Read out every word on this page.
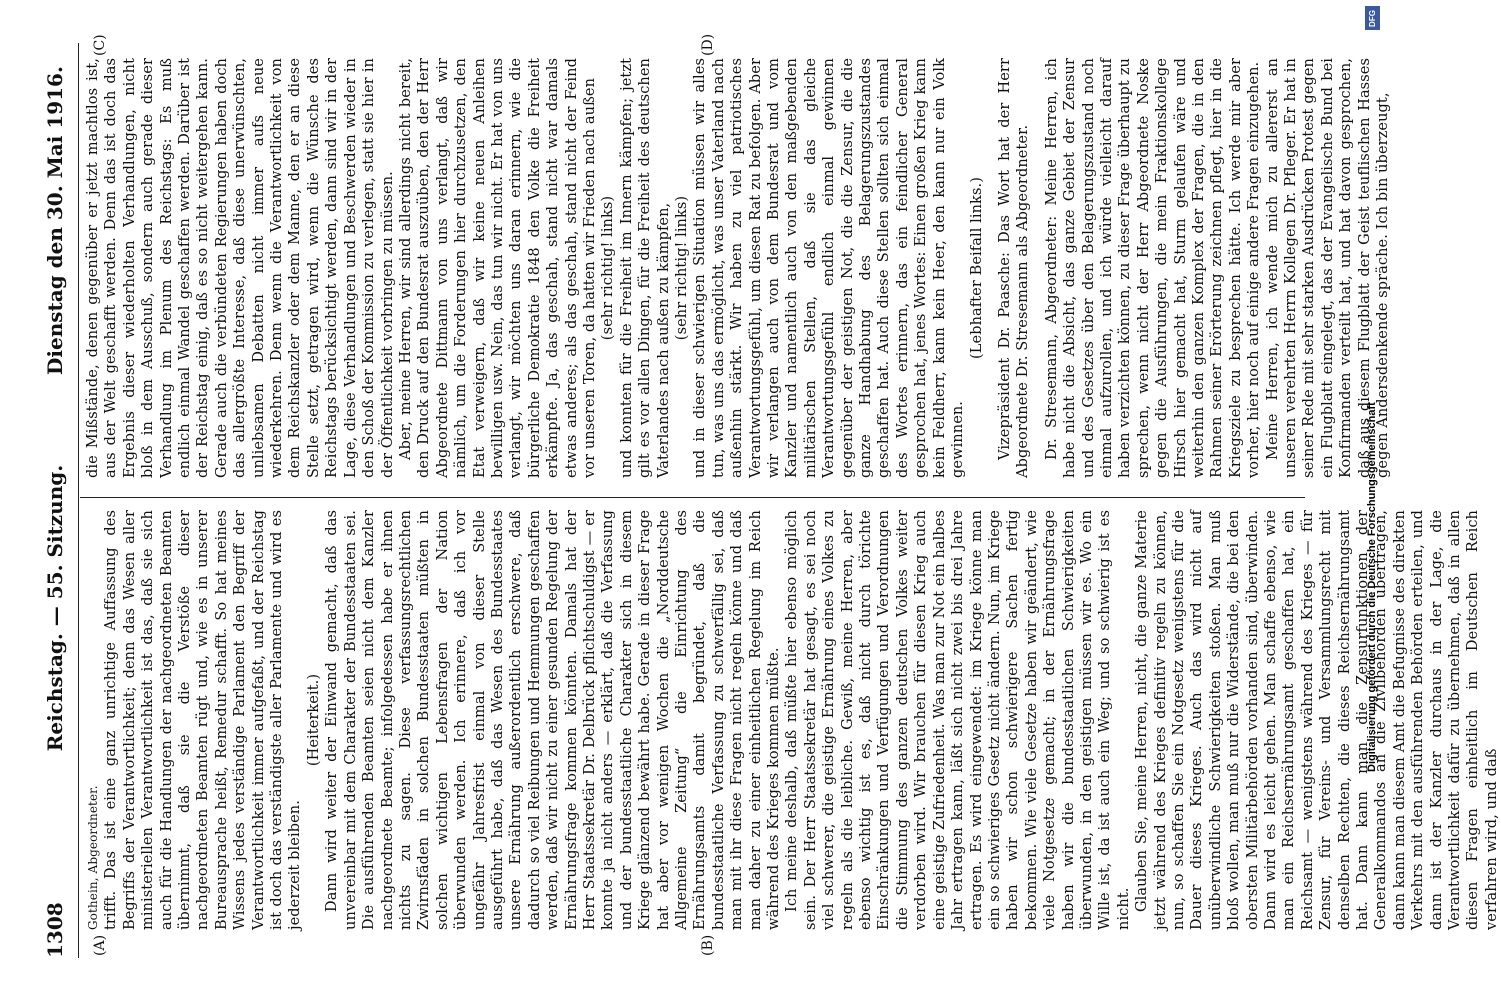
1308
Reichstag. — 55. Sitzung.
Dienstag den 30. Mai 1916.
(A)	(B)
(C)	(D)

Gothein, Abgeordneter. trifft. Das ist eine ganz unrichtige Auffassung des Begriffs der Verantwortlichkeit; denn das Wesen aller ministeriellen Verantwortlichkeit ist das, daß sie sich auch für die Handlungen der nachgeordneten Beamten übernimmt, daß sie die Verstöße dieser nachgeordneten Beamten rügt und, wie es in unserer Bureausprache heißt, Remedur schafft. So hat meines Wissens jedes verständige Parlament den Begriff der Verantwortlichkeit immer aufgefaßt, und der Reichstag ist doch das verständigste aller Parlamente und wird es jederzeit bleiben.

(Heiterkeit.) Dann wird weiter der Einwand gemacht, daß das unvereinbar mit dem Charakter der Bundesstaaten sei. Die ausführenden Beamten seien nicht dem Kanzler nachgeordnete Beamte; infolgedessen habe er ihnen nichts zu sagen. Diese verfassungsrechtlichen Zwirnsfäden in solchen Bundesstaaten müßten in solchen wichtigen Lebensfragen der Nation überwunden werden. Ich erinnere, daß ich vor ungefähr Jahresfrist einmal von dieser Stelle ausgeführt habe, daß das Wesen des Bundesstaates unsere Ernährung außerordentlich erschwere, daß dadurch so viel Reibungen und Hemmungen geschaffen werden, daß wir nicht zu einer gesunden Regelung der Ernährungsfrage kommen könnten. Damals hat der Herr Staatssekretär Dr. Delbrück pflichtschuldigst — er konnte ja nicht anders — erklärt, daß die Verfassung und der bundesstaatliche Charakter sich in diesem Kriege glänzend bewährt habe. Gerade in dieser Frage hat aber vor wenigen Wochen die „Norddeutsche Allgemeine Zeitung“ die Einrichtung des Ernährungsamts damit begründet, daß die bundesstaatliche Verfassung zu schwerfällig sei, daß man mit ihr diese Fragen nicht regeln könne und daß man daher zu einer einheitlichen Regelung im Reich während des Krieges kommen müßte. Ich meine deshalb, daß müßte hier ebenso möglich sein. Der Herr Staatssekretär hat gesagt, es sei noch viel schwerer, die geistige Ernährung eines Volkes zu regeln als die leibliche. Gewiß, meine Herren, aber ebenso wichtig ist es, daß nicht durch törichte Einschränkungen und Verfügungen und Verordnungen die Stimmung des ganzen deutschen Volkes weiter verdorben wird. Wir brauchen für diesen Krieg auch eine geistige Zufriedenheit. Was man zur Not ein halbes Jahr ertragen kann, läßt sich nicht zwei bis drei Jahre ertragen. Es wird eingewendet: im Kriege könne man ein so schwieriges Gesetz nicht ändern. Nun, im Kriege haben wir schon schwierigere Sachen fertig bekommen. Wie viele Gesetze haben wir geändert, wie viele Notgesetze gemacht; in der Ernährungsfrage haben wir die bundesstaatlichen Schwierigkeiten überwunden, in den geistigen müssen wir es. Wo ein Wille ist, da ist auch ein Weg; und so schwierig ist es nicht. Glauben Sie, meine Herren, nicht, die ganze Materie jetzt während des Krieges definitiv regeln zu können, nun, so schaffen Sie ein Notgesetz wenigstens für die Dauer dieses Krieges. Auch das wird nicht auf unüberwindliche Schwierigkeiten stoßen. Man muß bloß wollen, man muß nur die Widerstände, die bei den obersten Militärbehörden vorhanden sind, überwinden. Dann wird es leicht gehen. Man schaffe ebenso, wie man ein Reichsernährungsamt geschaffen hat, ein Reichsamt — wenigstens während des Krieges — für Zensur, für Vereins- und Versammlungsrecht mit denselben Rechten, die dieses Reichsernährungsamt hat. Dann kann man die Zensurfunktionen der Generalkommandos an die Zivilbehörden übertragen, dann kann man diesem Amt die Befugnisse des direkten Verkehrs mit den ausführenden Behörden erteilen, und dann ist der Kanzler durchaus in der Lage, die Verantwortlichkeit dafür zu übernehmen, daß in allen diesen Fragen einheitlich im Deutschen Reich verfahren wird, und daß

die Mißstände, denen gegenüber er jetzt machtlos ist, aus der Welt geschafft werden. Denn das ist doch das Ergebnis dieser wiederholten Verhandlungen, nicht bloß in dem Ausschuß, sondern auch gerade dieser Verhandlung im Plenum des Reichstags: Es muß endlich einmal Wandel geschaffen werden. Darüber ist der Reichstag einig, daß es so nicht weitergehen kann. Gerade auch die verbündeten Regierungen haben doch das allergrößte Interesse, daß diese unerwünschten, unliebsamen Debatten nicht immer aufs neue wiederkehren. Denn wenn die Verantwortlichkeit von dem Reichskanzler oder dem Manne, den er an diese Stelle setzt, getragen wird, wenn die Wünsche des Reichstags berücksichtigt werden, dann sind wir in der Lage, diese Verhandlungen und Beschwerden wieder in den Schoß der Kommission zu verlegen, statt sie hier in der Öffentlichkeit vorbringen zu müssen. Aber, meine Herren, wir sind allerdings nicht bereit, den Druck auf den Bundesrat auszuüben, den der Herr Abgeordnete Dittmann von uns verlangt, daß wir nämlich, um die Forderungen hier durchzusetzen, den Etat verweigern, daß wir keine neuen Anleihen bewilligen usw. Nein, das tun wir nicht. Er hat von uns verlangt, wir möchten uns daran erinnern, wie die bürgerliche Demokratie 1848 den Volke die Freiheit erkämpfte. Ja, das geschah, stand nicht war damals etwas anderes; als das geschah, stand nicht der Feind vor unseren Toren, da hatten wir Frieden nach außen (sehr richtig! links) und konnten für die Freiheit im Innern kämpfen; jetzt gilt es vor allen Dingen, für die Freiheit des deutschen Vaterlandes nach außen zu kämpfen, (sehr richtig! links) und in dieser schwierigen Situation müssen wir alles tun, was uns das ermöglicht, was unser Vaterland nach außenhin stärkt. Wir haben zu viel patriotisches Verantwortungsgefühl, um diesen Rat zu befolgen. Aber wir verlangen auch von dem Bundesrat und vom Kanzler und namentlich auch von den maßgebenden militärischen Stellen, daß sie das gleiche Verantwortungsgefühl endlich einmal gewinnen gegenüber der geistigen Not, die die Zensur, die die ganze Handhabung des Belagerungszustandes geschaffen hat. Auch diese Stellen sollten sich einmal des Wortes erinnern, das ein feindlicher General gesprochen hat, jenes Wortes: Einen großen Krieg kann kein Feldherr, kann kein Heer, den kann nur ein Volk gewinnen.

(Lebhafter Beifall links.) Vizepräsident Dr. Paasche: Das Wort hat der Herr Abgeordnete Dr. Stresemann als Abgeordneter. Dr. Stresemann, Abgeordneter: Meine Herren, ich habe nicht die Absicht, das ganze Gebiet der Zensur und des Gesetzes über den Belagerungszustand noch einmal aufzurollen, und ich würde vielleicht darauf haben verzichten können, zu dieser Frage überhaupt zu sprechen, wenn nicht der Herr Abgeordnete Noske gegen die Ausführungen, die mein Fraktionskollege Hirsch hier gemacht hat, Sturm gelaufen wäre und weiterhin den ganzen Komplex der Fragen, die in den Rahmen seiner Erörterung zeichnen pflegt, hier in die Kriegsziele zu besprechen hätte. Ich werde mir aber vorher, hier noch auf einige andere Fragen einzugehen. Meine Herren, ich wende mich zu allererst an unseren verehrten Herrn Kollegen Dr. Pfleger. Er hat in seiner Rede mit sehr starken Ausdrücken Protest gegen ein Flugblatt eingelegt, das der Evangelische Bund bei Konfirmanden verteilt hat, und hat davon gesprochen, daß aus diesem Flugblatt der Geist teuflischen Hasses gegen Andersdenkende spräche. Ich bin überzeugt,

DFG
Digitalisierung gefördert durch die Deutsche Forschungsgemeinschaft
